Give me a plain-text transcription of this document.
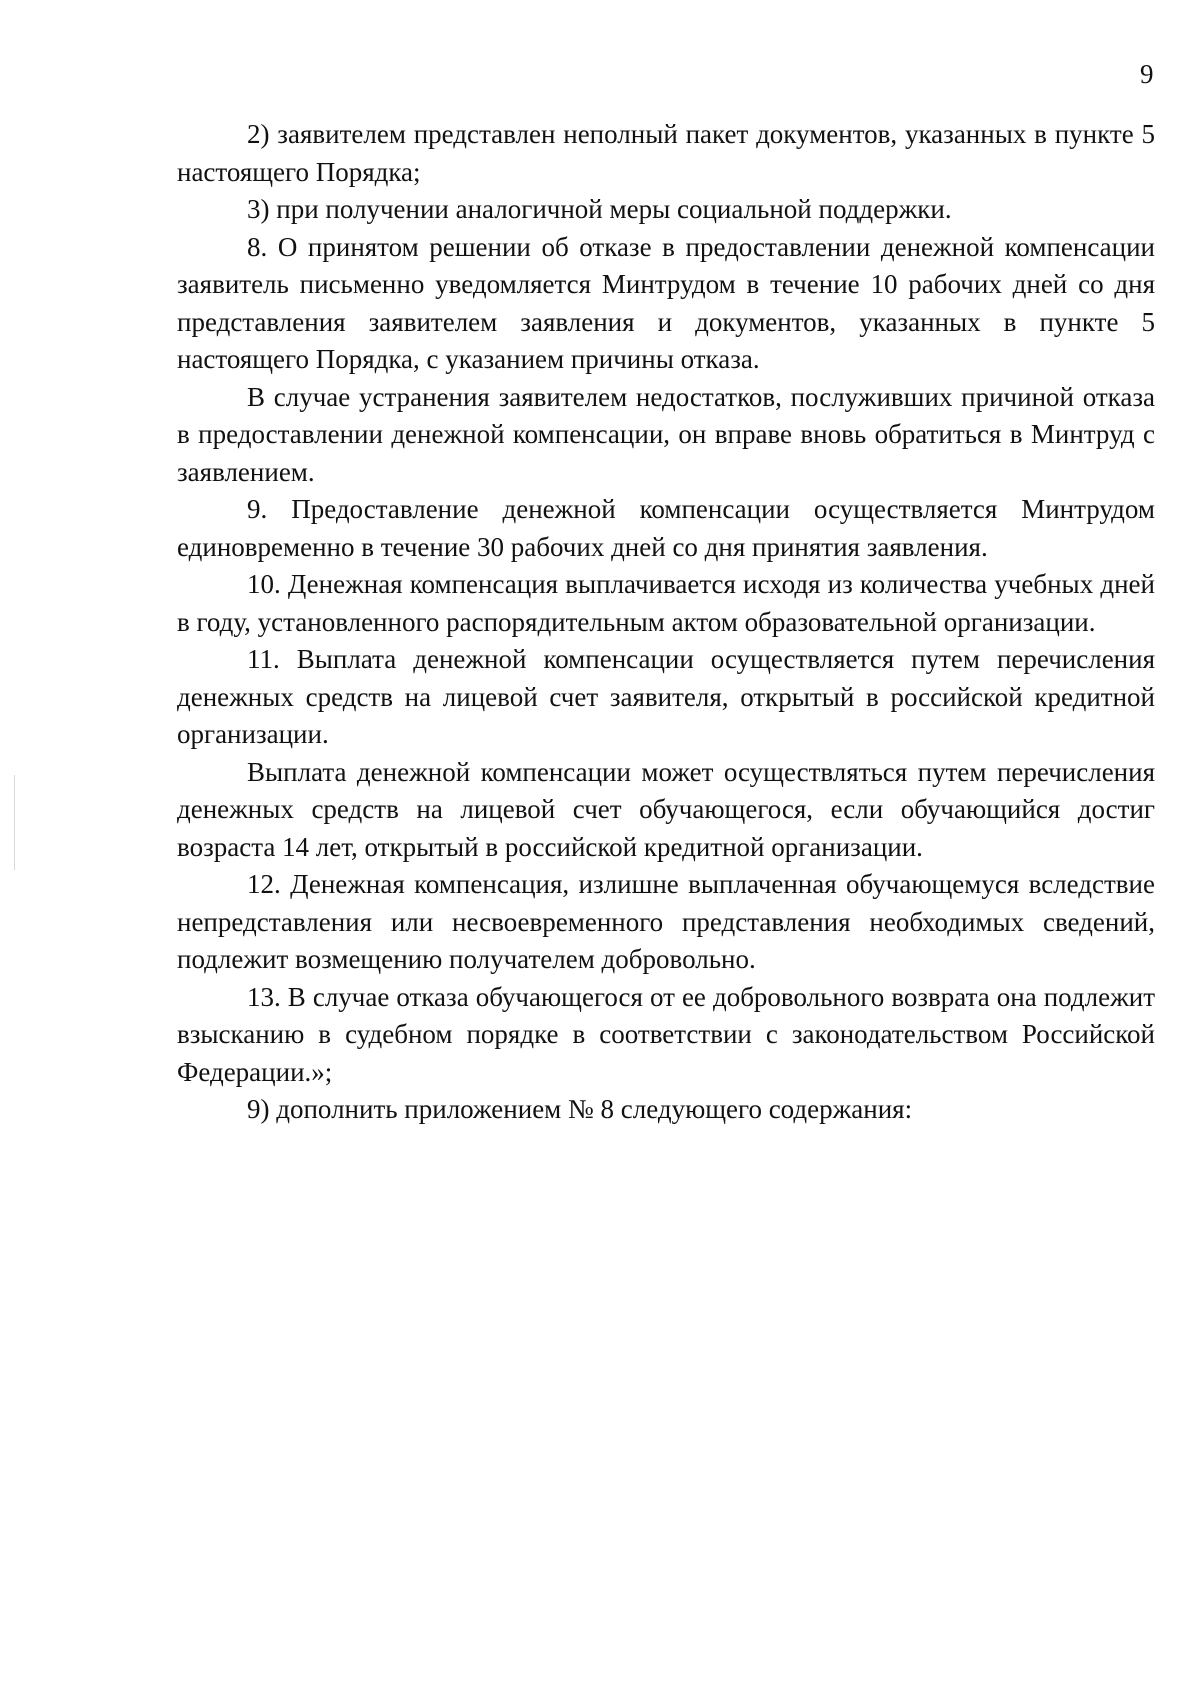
9

2) заявителем представлен неполный пакет документов, указанных в пункте 5 настоящего Порядка;

3) при получении аналогичной меры социальной поддержки.

8. О принятом решении об отказе в предоставлении денежной компенсации заявитель письменно уведомляется Минтрудом в течение 10 рабочих дней со дня представления заявителем заявления и документов, указанных в пункте 5 настоящего Порядка, с указанием причины отказа.

В случае устранения заявителем недостатков, послуживших причиной отказа в предоставлении денежной компенсации, он вправе вновь обратиться в Минтруд с заявлением.

9. Предоставление денежной компенсации осуществляется Минтрудом единовременно в течение 30 рабочих дней со дня принятия заявления.

10. Денежная компенсация выплачивается исходя из количества учебных дней в году, установленного распорядительным актом образовательной организации.

11. Выплата денежной компенсации осуществляется путем перечисления денежных средств на лицевой счет заявителя, открытый в российской кредитной организации.

Выплата денежной компенсации может осуществляться путем перечисления денежных средств на лицевой счет обучающегося, если обучающийся достиг возраста 14 лет, открытый в российской кредитной организации.

12. Денежная компенсация, излишне выплаченная обучающемуся вследствие непредставления или несвоевременного представления необходимых сведений, подлежит возмещению получателем добровольно.

13. В случае отказа обучающегося от ее добровольного возврата она подлежит взысканию в судебном порядке в соответствии с законодательством Российской Федерации.»;

9) дополнить приложением № 8 следующего содержания:
